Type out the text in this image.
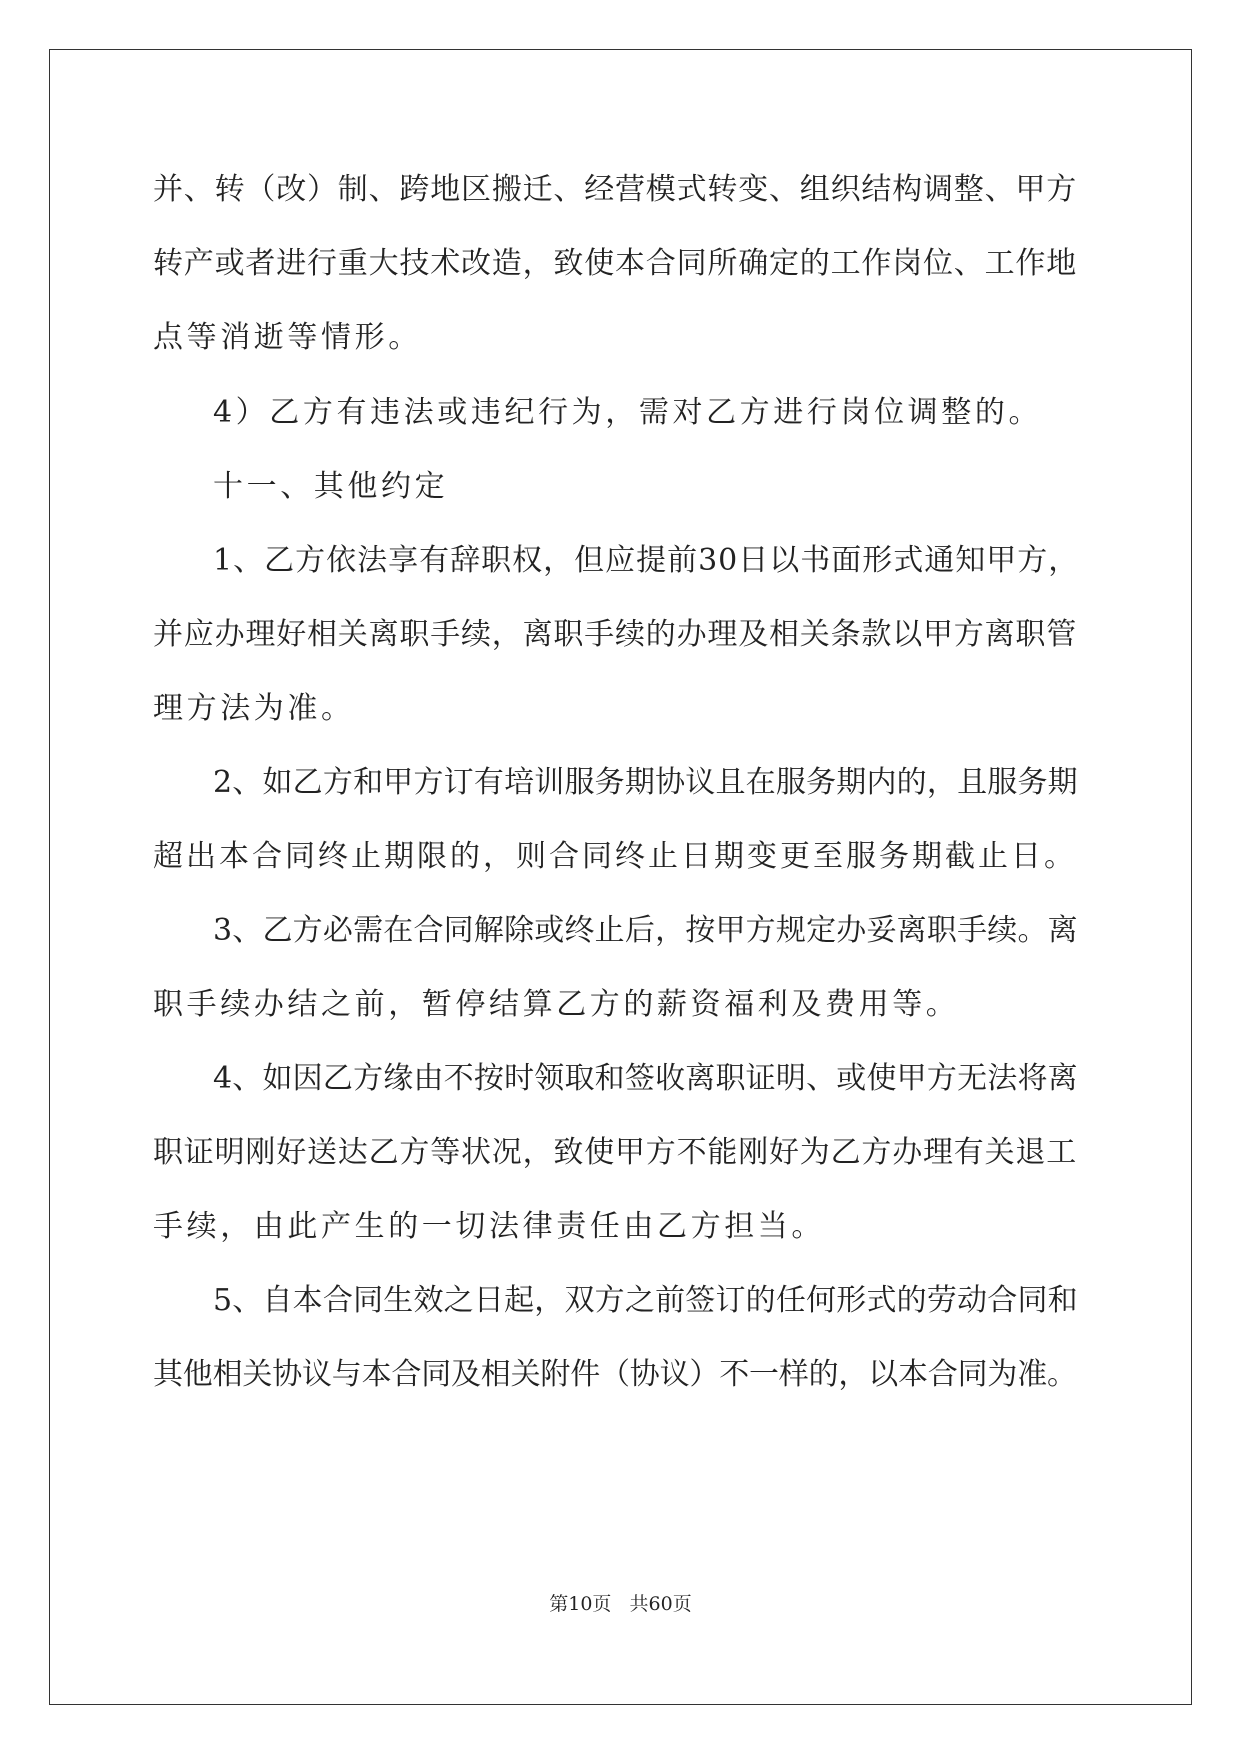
并、转（改）制、跨地区搬迁、经营模式转变、组织结构调整、甲方
转产或者进行重大技术改造，致使本合同所确定的工作岗位、工作地
点等消逝等情形。
4）乙方有违法或违纪行为，需对乙方进行岗位调整的。
十一、其他约定
1、乙方依法享有辞职权，但应提前30日以书面形式通知甲方，
并应办理好相关离职手续，离职手续的办理及相关条款以甲方离职管
理方法为准。
2、如乙方和甲方订有培训服务期协议且在服务期内的，且服务期
超出本合同终止期限的，则合同终止日期变更至服务期截止日。
3、乙方必需在合同解除或终止后，按甲方规定办妥离职手续。离
职手续办结之前，暂停结算乙方的薪资福利及费用等。
4、如因乙方缘由不按时领取和签收离职证明、或使甲方无法将离
职证明刚好送达乙方等状况，致使甲方不能刚好为乙方办理有关退工
手续，由此产生的一切法律责任由乙方担当。
5、自本合同生效之日起，双方之前签订的任何形式的劳动合同和
其他相关协议与本合同及相关附件（协议）不一样的，以本合同为准。
第10页   共60页
